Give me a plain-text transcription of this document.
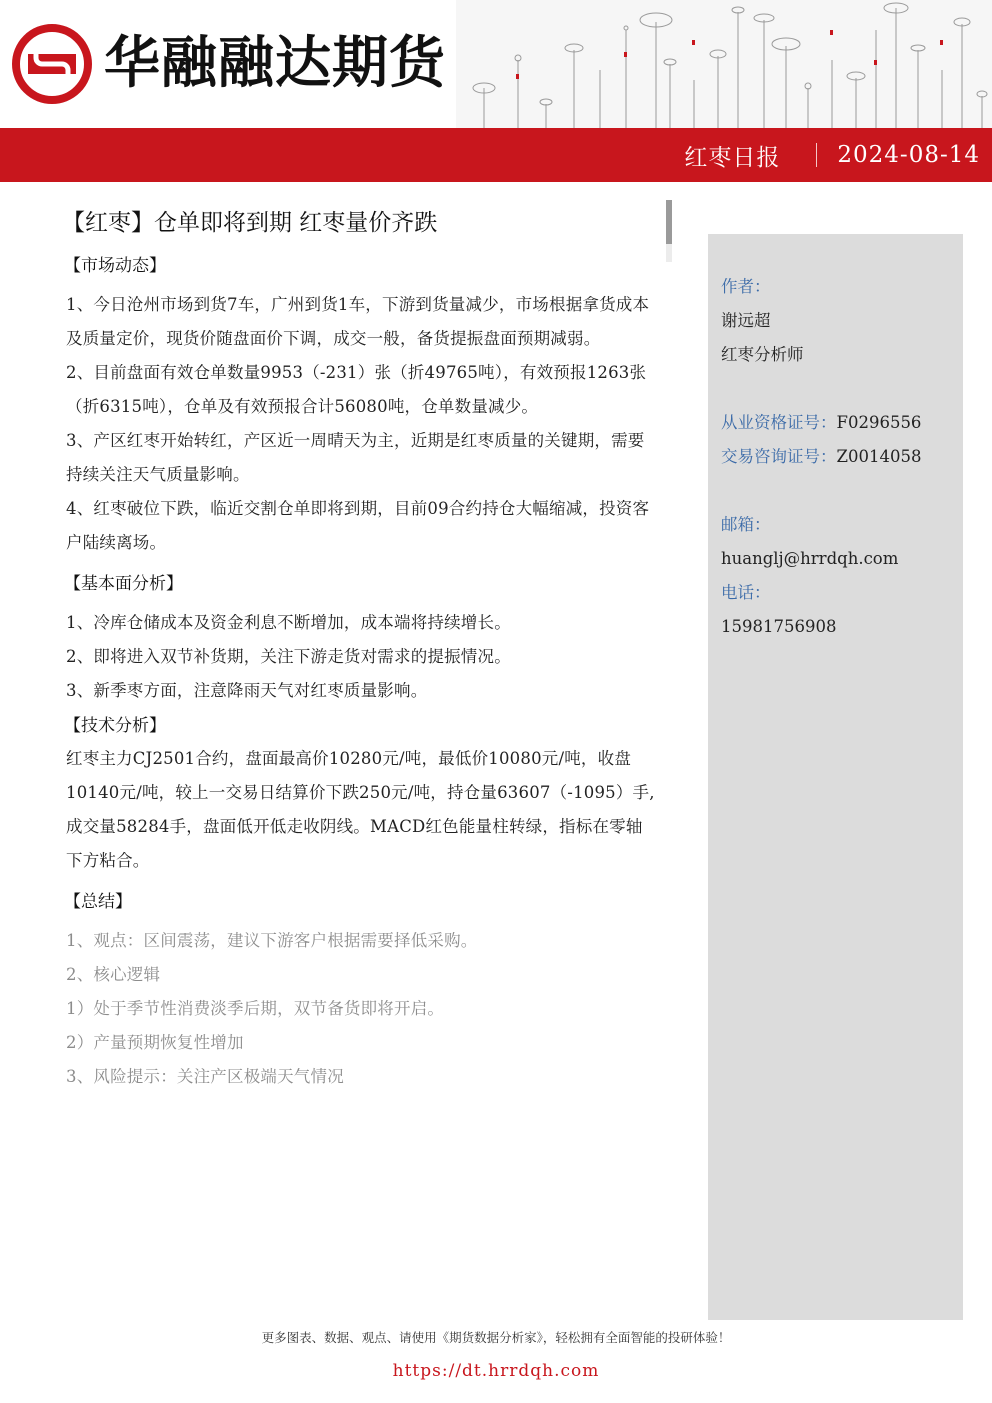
华融融达期货
红枣日报 2024-08-14
【红枣】仓单即将到期 红枣量价齐跌
【市场动态】

1、今日沧州市场到货7车，广州到货1车，下游到货量减少，市场根据拿货成本及质量定价，现货价随盘面价下调，成交一般，备货提振盘面预期减弱。

2、目前盘面有效仓单数量9953（-231）张（折49765吨），有效预报1263张（折6315吨），仓单及有效预报合计56080吨，仓单数量减少。

3、产区红枣开始转红，产区近一周晴天为主，近期是红枣质量的关键期，需要持续关注天气质量影响。

4、红枣破位下跌，临近交割仓单即将到期，目前09合约持仓大幅缩减，投资客户陆续离场。

【基本面分析】

1、冷库仓储成本及资金利息不断增加，成本端将持续增长。

2、即将进入双节补货期，关注下游走货对需求的提振情况。

3、新季枣方面，注意降雨天气对红枣质量影响。

【技术分析】

红枣主力CJ2501合约，盘面最高价10280元/吨，最低价10080元/吨，收盘10140元/吨，较上一交易日结算价下跌250元/吨，持仓量63607（-1095）手,成交量58284手，盘面低开低走收阴线。MACD红色能量柱转绿，指标在零轴下方粘合。

【总结】

1、观点：区间震荡，建议下游客户根据需要择低采购。

2、核心逻辑

1）处于季节性消费淡季后期，双节备货即将开启。

2）产量预期恢复性增加

3、风险提示：关注产区极端天气情况

作者：
谢远超
红枣分析师
从业资格证号：F0296556
交易咨询证号：Z0014058
邮箱：
huanglj@hrrdqh.com
电话：
15981756908
更多图表、数据、观点、请使用《期货数据分析家》，轻松拥有全面智能的投研体验！
https://dt.hrrdqh.com
